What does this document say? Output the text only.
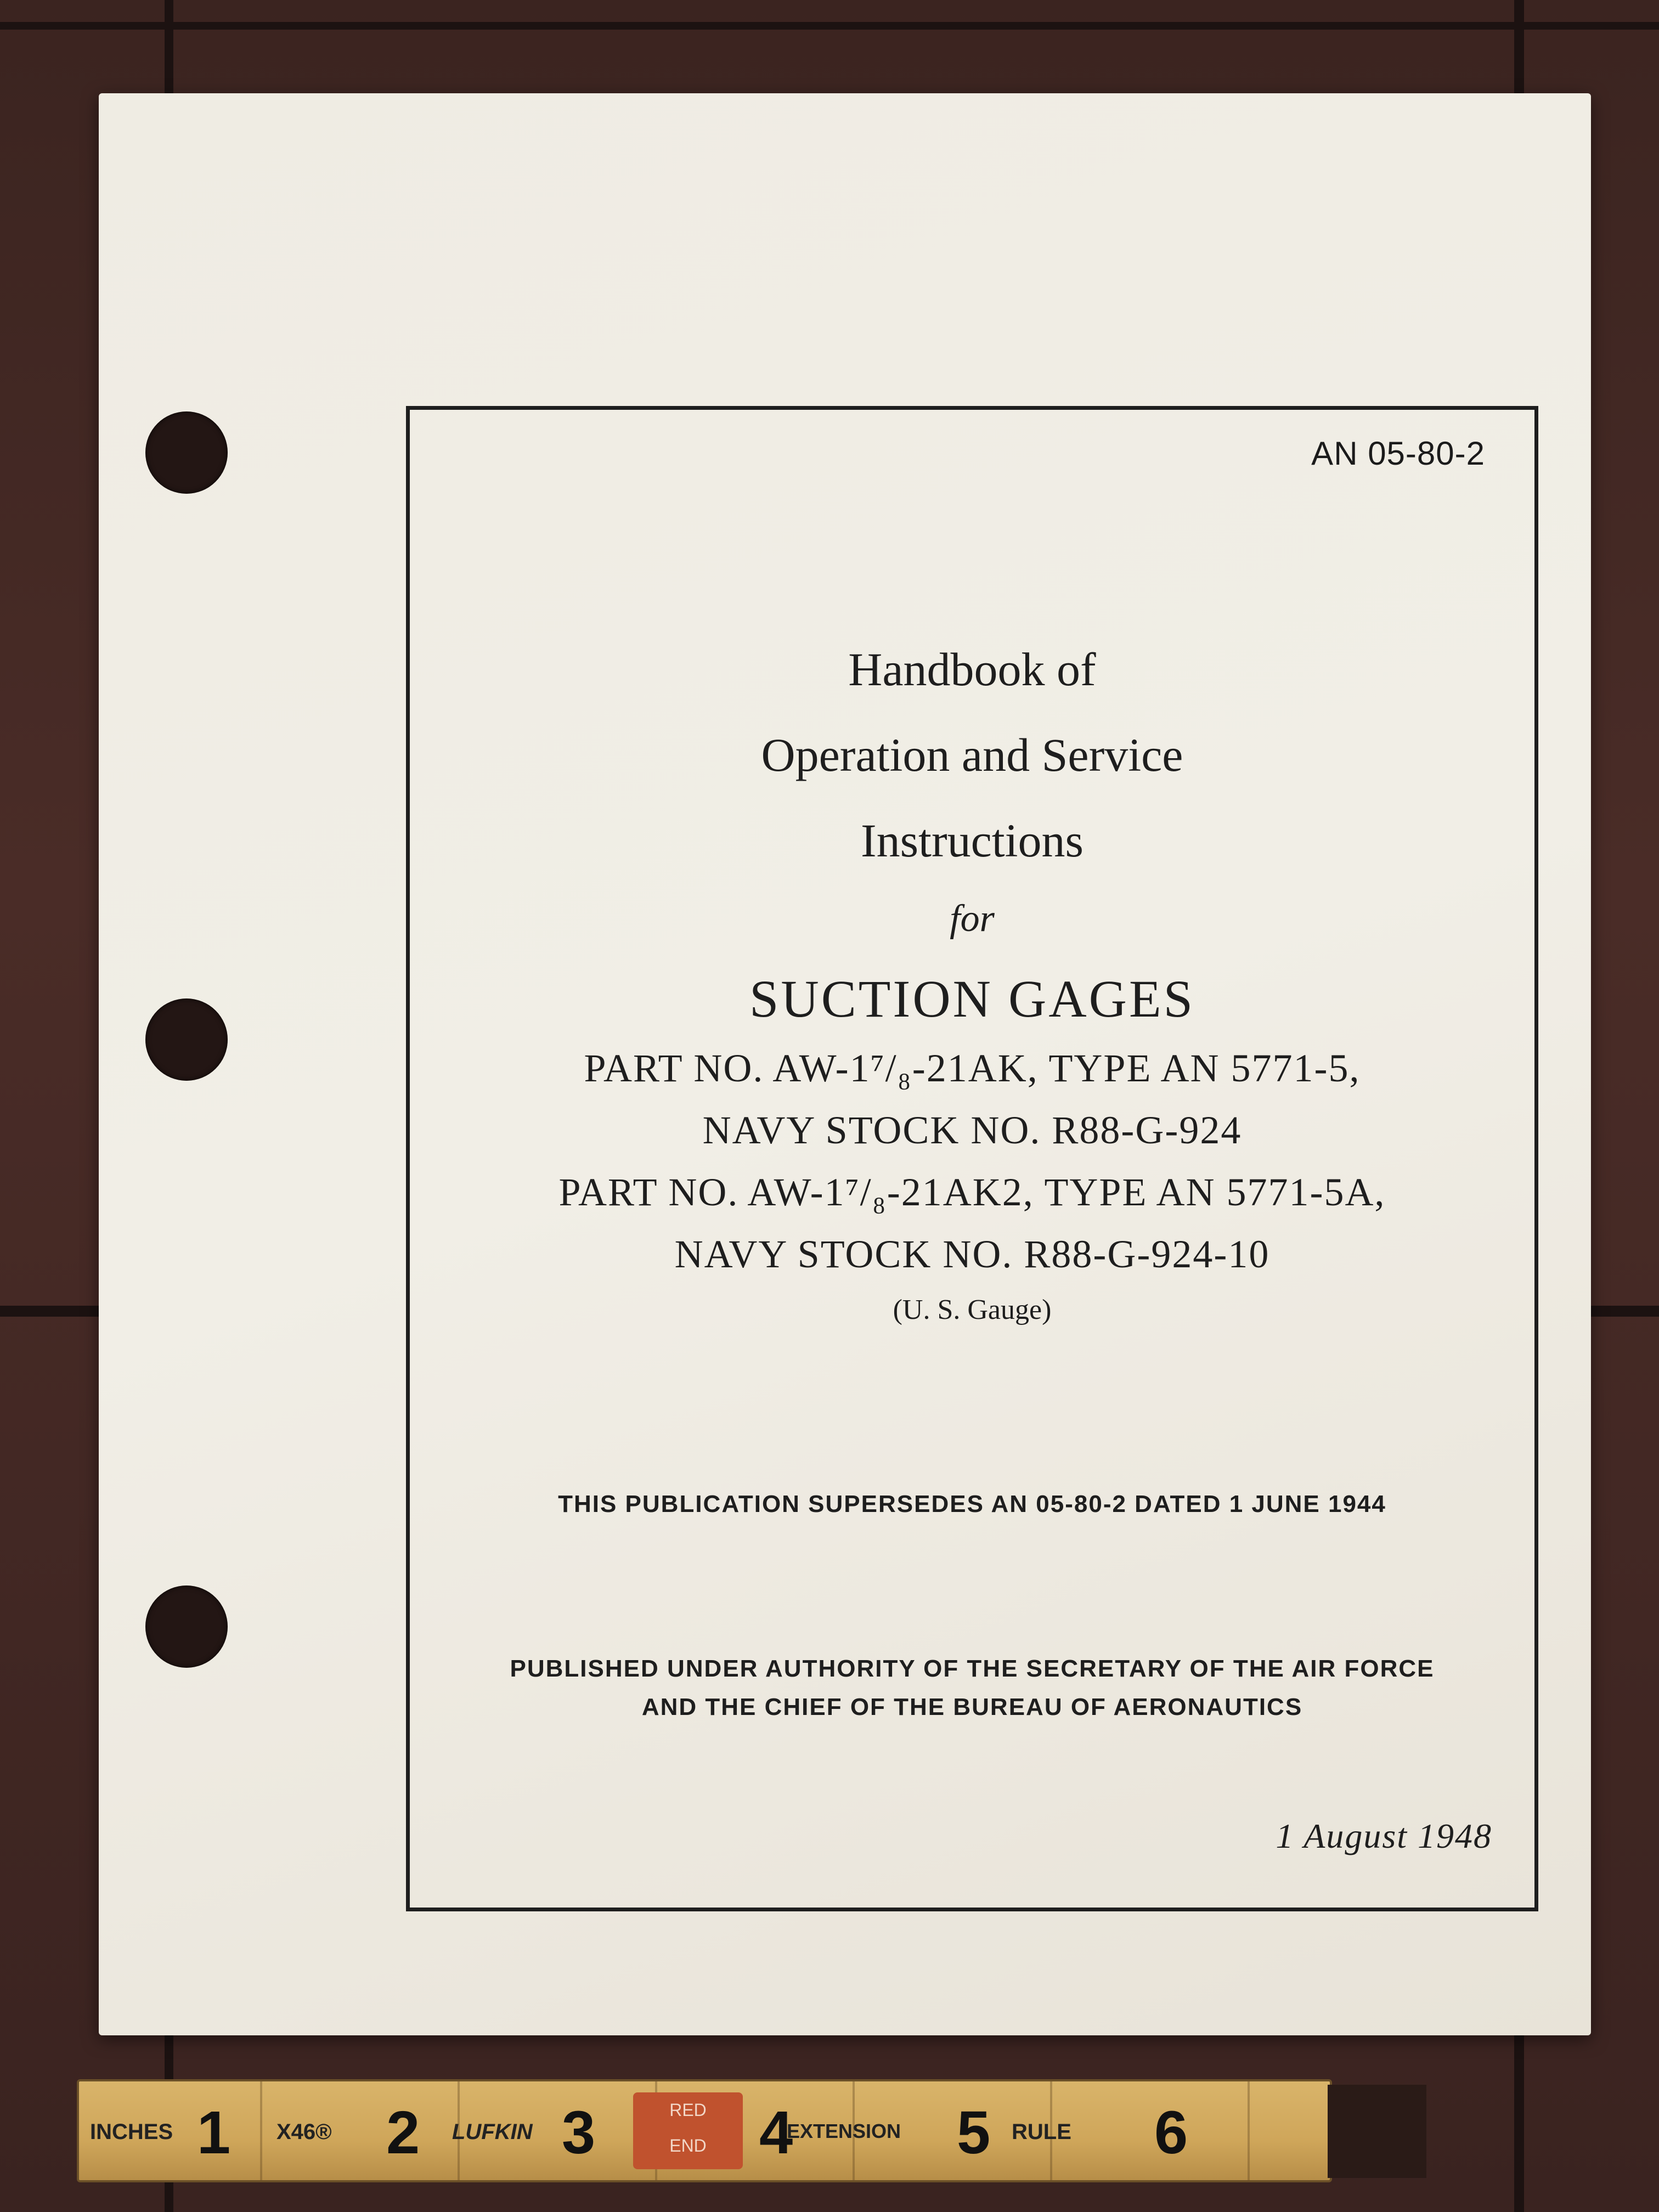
AN 05-80-2
Handbook of
Operation and Service
Instructions
for
SUCTION GAGES
PART NO. AW-1⁷/₈-21AK, TYPE AN 5771-5,
NAVY STOCK NO. R88-G-924
PART NO. AW-1⁷/₈-21AK2, TYPE AN 5771-5A,
NAVY STOCK NO. R88-G-924-10
(U. S. Gauge)
THIS PUBLICATION SUPERSEDES AN 05-80-2 DATED 1 JUNE 1944
PUBLISHED UNDER AUTHORITY OF THE SECRETARY OF THE AIR FORCE
AND THE CHIEF OF THE BUREAU OF AERONAUTICS
1 August 1948
INCHES 1 X46® 2 LUFKIN 3	RED
END 4
EXTENSION 5 RULE 6
